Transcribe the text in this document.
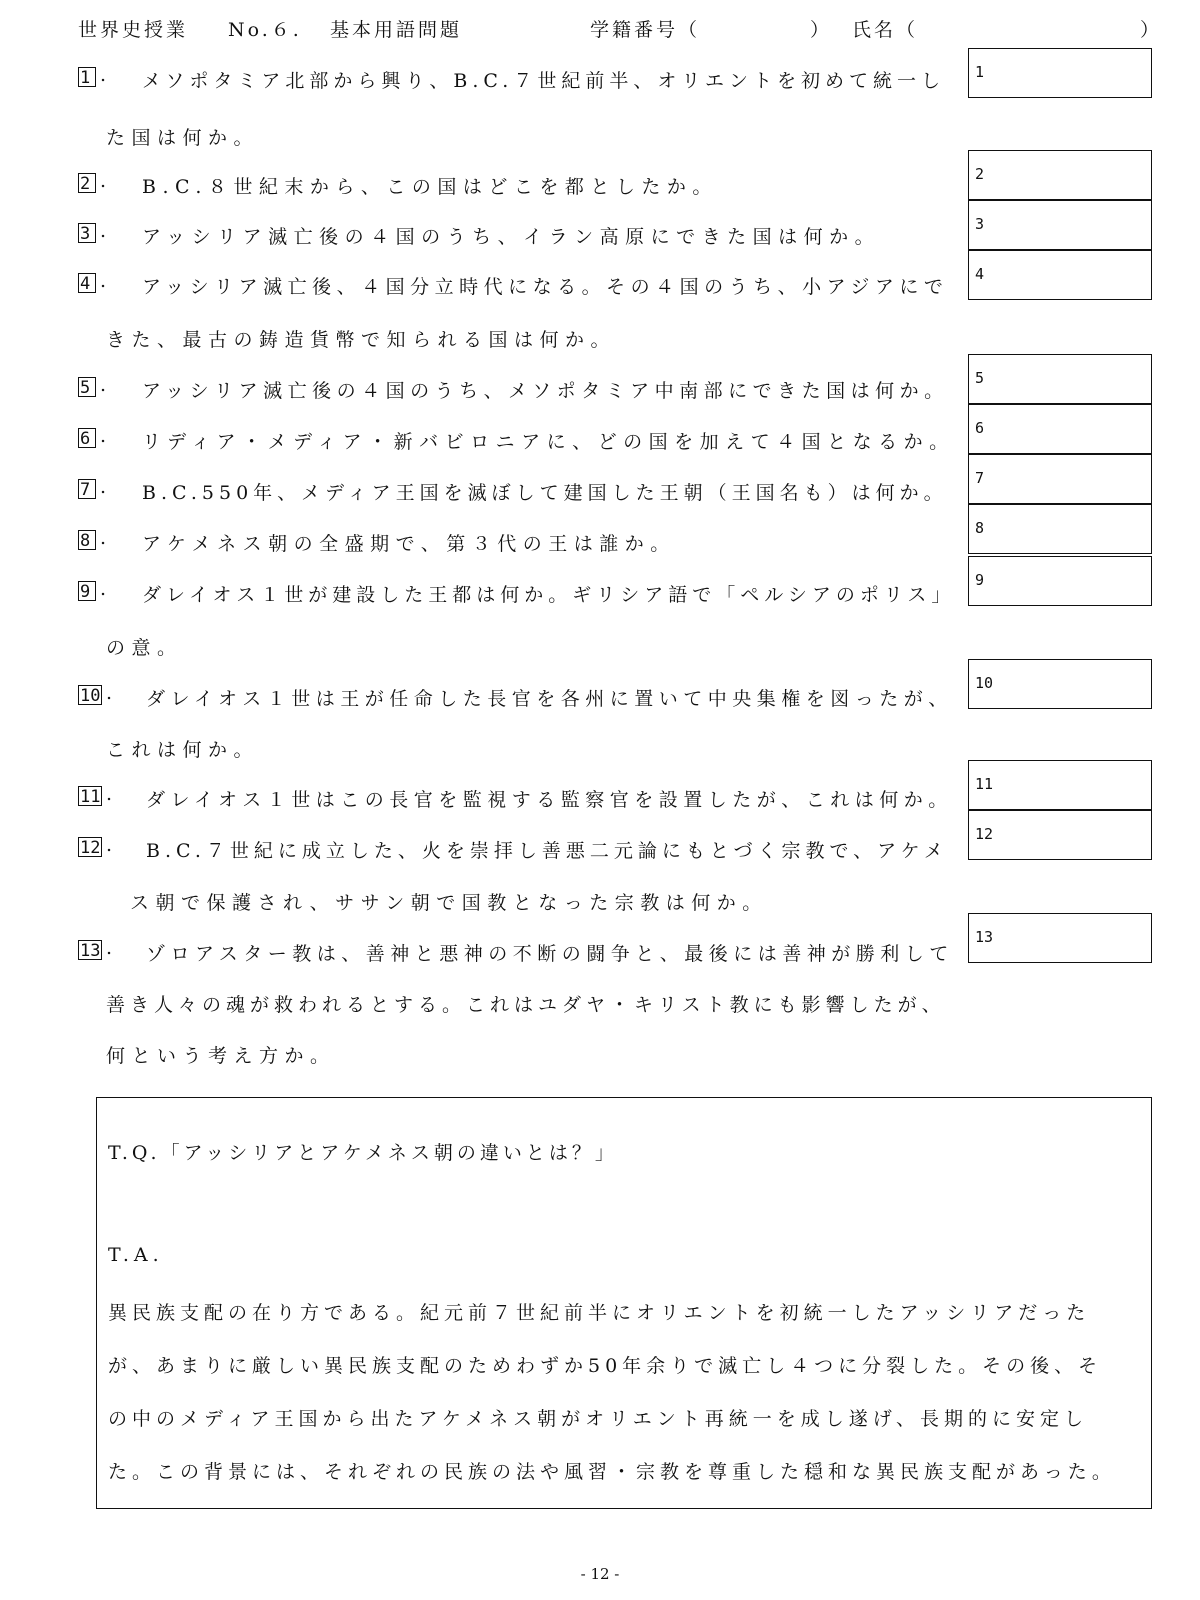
世界史授業 No.６. 基本用語問題	学籍番号（	） 氏名（	）
1 . メソポタミア北部から興り、B.C.７世紀前半、オリエントを初めて統一し
た国は何か。
1
2 . B.C.８世紀末から、この国はどこを都としたか。
2
3 . アッシリア滅亡後の４国のうち、イラン高原にできた国は何か。
3
4 . アッシリア滅亡後、４国分立時代になる。その４国のうち、小アジアにで
きた、最古の鋳造貨幣で知られる国は何か。
4
5 . アッシリア滅亡後の４国のうち、メソポタミア中南部にできた国は何か。
5
6 . リディア・メディア・新バビロニアに、どの国を加えて４国となるか。
6
7 . B.C.550年、メディア王国を滅ぼして建国した王朝（王国名も）は何か。
7
8 . アケメネス朝の全盛期で、第３代の王は誰か。
8
9 . ダレイオス１世が建設した王都は何か。ギリシア語で「ペルシアのポリス」
の意。
9
10 . ダレイオス１世は王が任命した長官を各州に置いて中央集権を図ったが、
これは何か。
10
11 . ダレイオス１世はこの長官を監視する監察官を設置したが、これは何か。
11
12 . B.C.７世紀に成立した、火を崇拝し善悪二元論にもとづく宗教で、アケメ
ス朝で保護され、ササン朝で国教となった宗教は何か。
12
13 . ゾロアスター教は、善神と悪神の不断の闘争と、最後には善神が勝利して
善き人々の魂が救われるとする。これはユダヤ・キリスト教にも影響したが、
何という考え方か。
13
T.Q.「アッシリアとアケメネス朝の違いとは？」
T.A.
異民族支配の在り方である。紀元前７世紀前半にオリエントを初統一したアッシリアだった
が、あまりに厳しい異民族支配のためわずか50年余りで滅亡し４つに分裂した。その後、そ
の中のメディア王国から出たアケメネス朝がオリエント再統一を成し遂げ、長期的に安定し
た。この背景には、それぞれの民族の法や風習・宗教を尊重した穏和な異民族支配があった。
- 12 -
